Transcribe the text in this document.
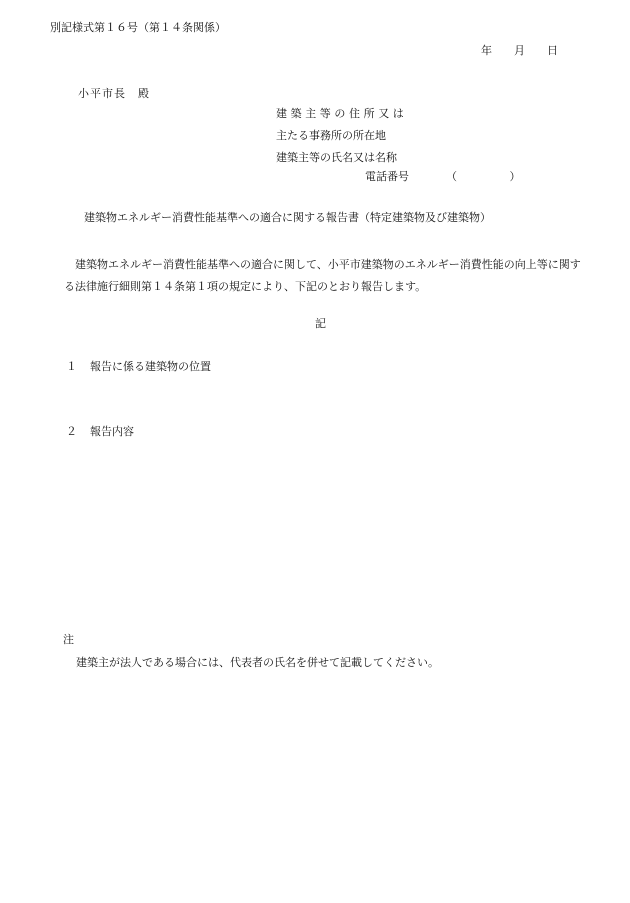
別記様式第１６号（第１４条関係）
年 月 日
小平市長　殿
建築主等の住所又は
主たる事務所の所在地
建築主等の氏名又は名称
電話番号	（	）
建築物エネルギー消費性能基準への適合に関する報告書（特定建築物及び建築物）
建築物エネルギー消費性能基準への適合に関して、小平市建築物のエネルギー消費性能の向上等に関する法律施行細則第１４条第１項の規定により、下記のとおり報告します。
記
１ 報告に係る建築物の位置
２ 報告内容
注
建築主が法人である場合には、代表者の氏名を併せて記載してください。
